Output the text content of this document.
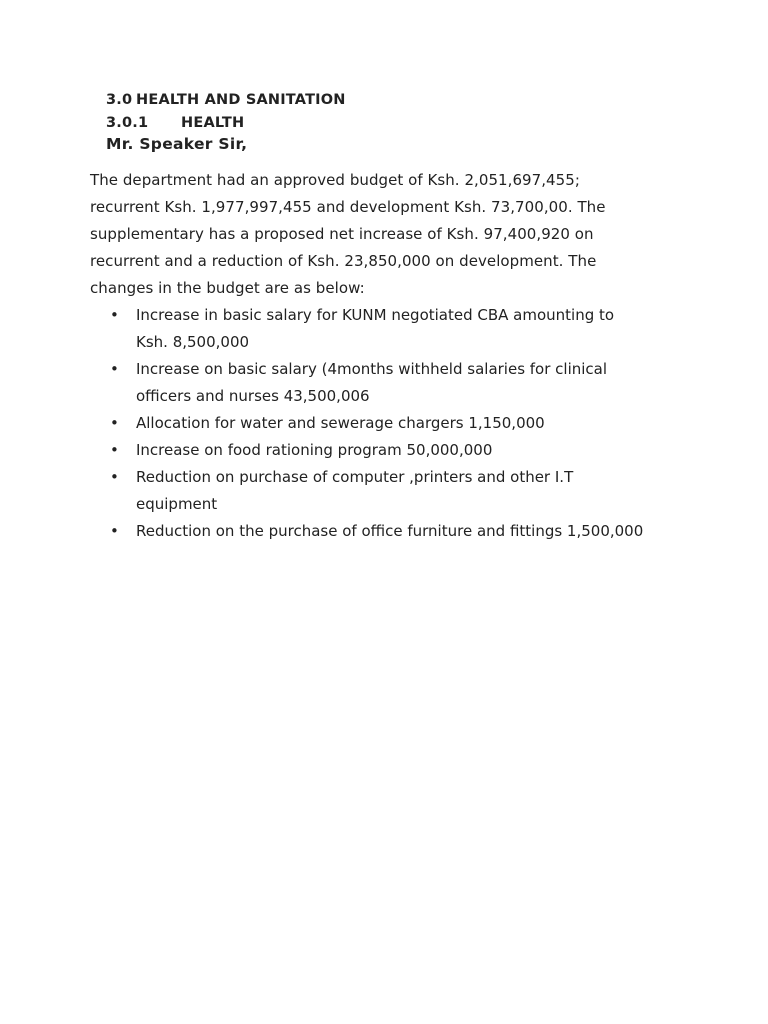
3.0 HEALTH AND SANITATION
3.0.1 HEALTH
Mr. Speaker Sir,
The department had an approved budget of Ksh. 2,051,697,455;
recurrent Ksh. 1,977,997,455 and development Ksh. 73,700,00. The
supplementary has a proposed net increase of Ksh. 97,400,920 on
recurrent and a reduction of Ksh. 23,850,000 on development. The
changes in the budget are as below:
• Increase in basic salary for KUNM negotiated CBA amounting to
Ksh. 8,500,000
• Increase on basic salary (4months withheld salaries for clinical
officers and nurses 43,500,006
• Allocation for water and sewerage chargers 1,150,000
• Increase on food rationing program 50,000,000
• Reduction on purchase of computer ,printers and other I.T
equipment
• Reduction on the purchase of office furniture and fittings 1,500,000
